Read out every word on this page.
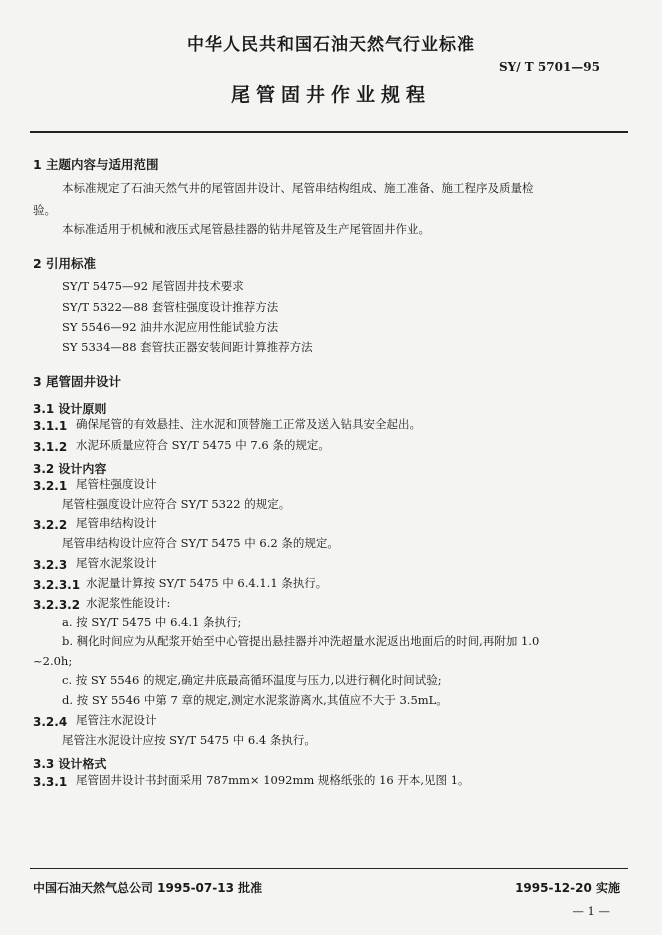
中华人民共和国石油天然气行业标准
SY/ T 5701—95
尾管固井作业规程
1 主题内容与适用范围
本标准规定了石油天然气井的尾管固井设计、尾管串结构组成、施工准备、施工程序及质量检
验。
本标准适用于机械和液压式尾管悬挂器的钻井尾管及生产尾管固井作业。
2 引用标准
SY/T 5475—92 尾管固井技术要求
SY/T 5322—88 套管柱强度设计推荐方法
SY 5546—92 油井水泥应用性能试验方法
SY 5334—88 套管扶正器安装间距计算推荐方法
3 尾管固井设计
3.1 设计原则
3.1.1 确保尾管的有效悬挂、注水泥和顶替施工正常及送入钻具安全起出。
3.1.2 水泥环质量应符合 SY/T 5475 中 7.6 条的规定。
3.2 设计内容
3.2.1 尾管柱强度设计
尾管柱强度设计应符合 SY/T 5322 的规定。
3.2.2 尾管串结构设计
尾管串结构设计应符合 SY/T 5475 中 6.2 条的规定。
3.2.3 尾管水泥浆设计
3.2.3.1 水泥量计算按 SY/T 5475 中 6.4.1.1 条执行。
3.2.3.2 水泥浆性能设计:
a. 按 SY/T 5475 中 6.4.1 条执行;
b. 稠化时间应为从配浆开始至中心管提出悬挂器并冲洗超量水泥返出地面后的时间,再附加 1.0
~2.0h;
c. 按 SY 5546 的规定,确定井底最高循环温度与压力,以进行稠化时间试验;
d. 按 SY 5546 中第 7 章的规定,测定水泥浆游离水,其值应不大于 3.5mL。
3.2.4 尾管注水泥设计
尾管注水泥设计应按 SY/T 5475 中 6.4 条执行。
3.3 设计格式
3.3.1 尾管固井设计书封面采用 787mm× 1092mm 规格纸张的 16 开本,见图 1。
中国石油天然气总公司 1995-07-13 批准	1995-12-20 实施
— 1 —
